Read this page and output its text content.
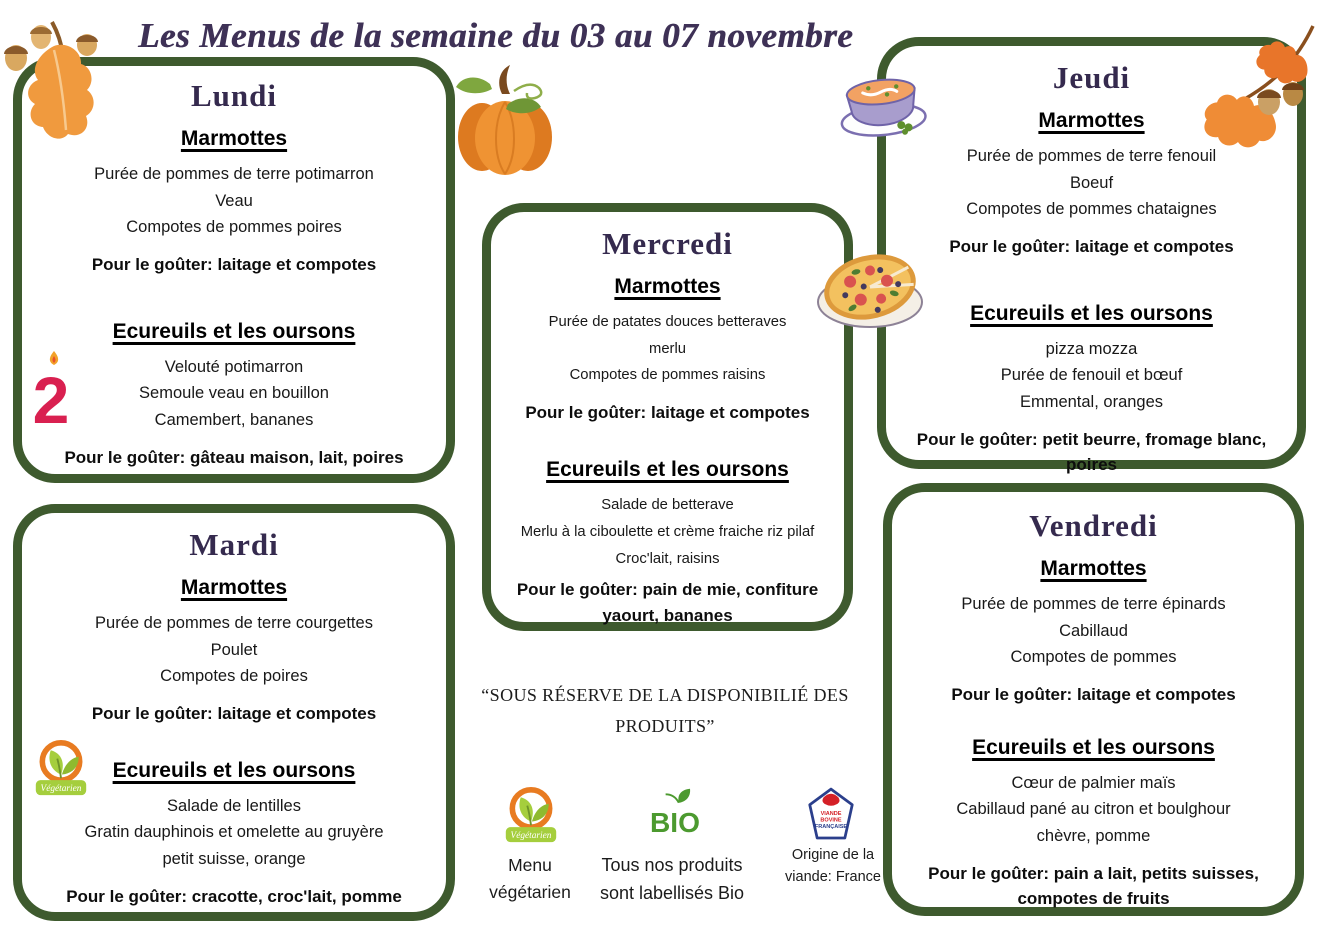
Les Menus de la semaine du 03 au 07 novembre
Lundi
Marmottes

Purée de pommes de terre potimarron

Veau

Compotes de pommes poires

Pour le goûter: laitage et compotes

Ecureuils et les oursons

Velouté potimarron

Semoule veau en bouillon

Camembert, bananes

Pour le goûter: gâteau maison, lait, poires

Mardi
Marmottes

Purée de pommes de terre courgettes

Poulet

Compotes de poires

Pour le goûter: laitage et compotes

Ecureuils et les oursons

Salade de lentilles

Gratin dauphinois et omelette au gruyère

petit suisse, orange

Pour le goûter: cracotte, croc'lait, pomme

Mercredi
Marmottes

Purée de patates douces betteraves

merlu

Compotes de pommes raisins

Pour le goûter: laitage et compotes

Ecureuils et les oursons

Salade de betterave

Merlu à la ciboulette et crème fraiche riz pilaf

Croc'lait, raisins

Pour le goûter: pain de mie, confiture yaourt, bananes

Jeudi
Marmottes

Purée de pommes de terre fenouil

Boeuf

Compotes de pommes chataignes

Pour le goûter: laitage et compotes

Ecureuils et les oursons

pizza mozza

Purée de fenouil et bœuf

Emmental, oranges

Pour le goûter: petit beurre, fromage blanc, poires

Vendredi
Marmottes

Purée de pommes de terre épinards

Cabillaud

Compotes de pommes

Pour le goûter: laitage et compotes

Ecureuils et les oursons

Cœur de palmier maïs

Cabillaud pané au citron et boulghour

chèvre, pomme

Pour le goûter: pain a lait, petits suisses, compotes de fruits

“SOUS RÉSERVE DE LA DISPONIBILIÉ DES PRODUITS”

Menu végétarien

Tous nos produits sont labellisés Bio

Origine de la viande: France

2
Végétarien
Végétarien	BIO	VIANDE
BOVINE
FRANÇAISE
